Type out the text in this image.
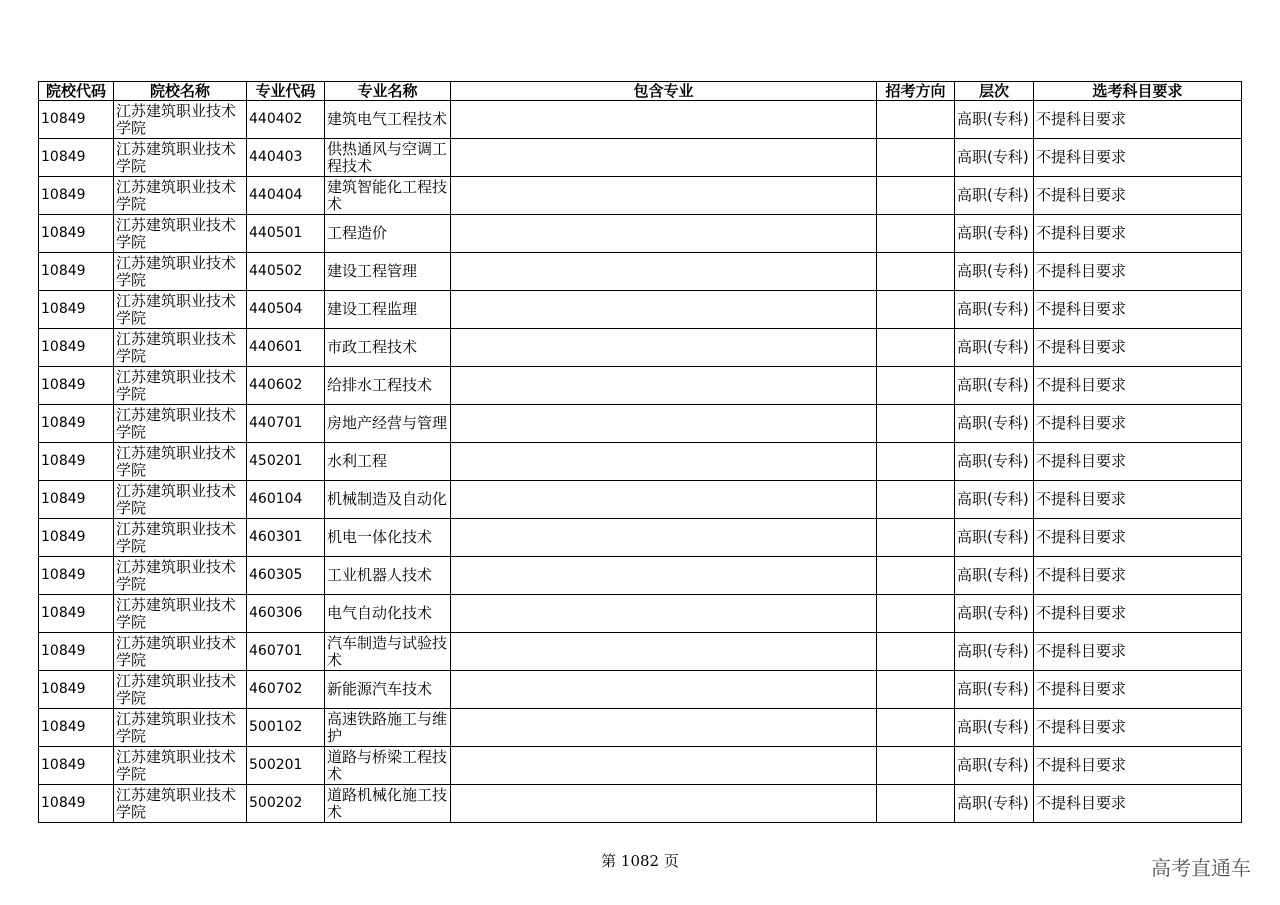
院校代码	院校名称	专业代码	专业名称	包含专业	招考方向	层次	选考科目要求
10849	江苏建筑职业技术学院	440402	建筑电气工程技术			高职(专科)	不提科目要求
10849	江苏建筑职业技术学院	440403	供热通风与空调工程技术			高职(专科)	不提科目要求
10849	江苏建筑职业技术学院	440404	建筑智能化工程技术			高职(专科)	不提科目要求
10849	江苏建筑职业技术学院	440501	工程造价			高职(专科)	不提科目要求
10849	江苏建筑职业技术学院	440502	建设工程管理			高职(专科)	不提科目要求
10849	江苏建筑职业技术学院	440504	建设工程监理			高职(专科)	不提科目要求
10849	江苏建筑职业技术学院	440601	市政工程技术			高职(专科)	不提科目要求
10849	江苏建筑职业技术学院	440602	给排水工程技术			高职(专科)	不提科目要求
10849	江苏建筑职业技术学院	440701	房地产经营与管理			高职(专科)	不提科目要求
10849	江苏建筑职业技术学院	450201	水利工程			高职(专科)	不提科目要求
10849	江苏建筑职业技术学院	460104	机械制造及自动化			高职(专科)	不提科目要求
10849	江苏建筑职业技术学院	460301	机电一体化技术			高职(专科)	不提科目要求
10849	江苏建筑职业技术学院	460305	工业机器人技术			高职(专科)	不提科目要求
10849	江苏建筑职业技术学院	460306	电气自动化技术			高职(专科)	不提科目要求
10849	江苏建筑职业技术学院	460701	汽车制造与试验技术			高职(专科)	不提科目要求
10849	江苏建筑职业技术学院	460702	新能源汽车技术			高职(专科)	不提科目要求
10849	江苏建筑职业技术学院	500102	高速铁路施工与维护			高职(专科)	不提科目要求
10849	江苏建筑职业技术学院	500201	道路与桥梁工程技术			高职(专科)	不提科目要求
10849	江苏建筑职业技术学院	500202	道路机械化施工技术			高职(专科)	不提科目要求
第 1082 页	高考直通车
